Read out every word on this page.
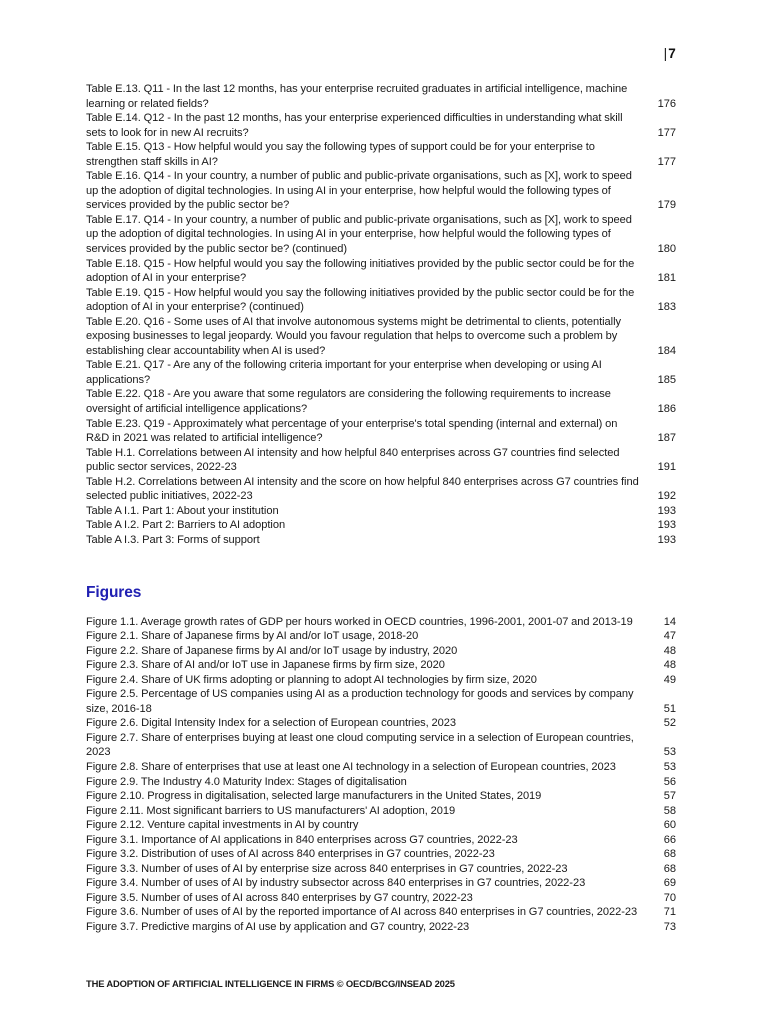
|7
Table E.13. Q11 - In the last 12 months, has your enterprise recruited graduates in artificial intelligence, machine learning or related fields?	176
Table E.14. Q12 - In the past 12 months, has your enterprise experienced difficulties in understanding what skill sets to look for in new AI recruits?	177
Table E.15. Q13 - How helpful would you say the following types of support could be for your enterprise to strengthen staff skills in AI?	177
Table E.16. Q14 - In your country, a number of public and public-private organisations, such as [X], work to speed up the adoption of digital technologies. In using AI in your enterprise, how helpful would the following types of services provided by the public sector be?	179
Table E.17. Q14 - In your country, a number of public and public-private organisations, such as [X], work to speed up the adoption of digital technologies. In using AI in your enterprise, how helpful would the following types of services provided by the public sector be? (continued)	180
Table E.18. Q15 - How helpful would you say the following initiatives provided by the public sector could be for the adoption of AI in your enterprise?	181
Table E.19. Q15 - How helpful would you say the following initiatives provided by the public sector could be for the adoption of AI in your enterprise? (continued)	183
Table E.20. Q16 - Some uses of AI that involve autonomous systems might be detrimental to clients, potentially exposing businesses to legal jeopardy. Would you favour regulation that helps to overcome such a problem by establishing clear accountability when AI is used?	184
Table E.21. Q17 - Are any of the following criteria important for your enterprise when developing or using AI applications?	185
Table E.22. Q18 - Are you aware that some regulators are considering the following requirements to increase oversight of artificial intelligence applications?	186
Table E.23. Q19 - Approximately what percentage of your enterprise's total spending (internal and external) on R&D in 2021 was related to artificial intelligence?	187
Table H.1. Correlations between AI intensity and how helpful 840 enterprises across G7 countries find selected public sector services, 2022-23	191
Table H.2. Correlations between AI intensity and the score on how helpful 840 enterprises across G7 countries find selected public initiatives, 2022-23	192
Table A I.1. Part 1: About your institution	193
Table A I.2. Part 2: Barriers to AI adoption	193
Table A I.3. Part 3: Forms of support	193
Figures
Figure 1.1. Average growth rates of GDP per hours worked in OECD countries, 1996-2001, 2001-07 and 2013-19	14
Figure 2.1. Share of Japanese firms by AI and/or IoT usage, 2018-20	47
Figure 2.2. Share of Japanese firms by AI and/or IoT usage by industry, 2020	48
Figure 2.3. Share of AI and/or IoT use in Japanese firms by firm size, 2020	48
Figure 2.4. Share of UK firms adopting or planning to adopt AI technologies by firm size, 2020	49
Figure 2.5. Percentage of US companies using AI as a production technology for goods and services by company size, 2016-18	51
Figure 2.6. Digital Intensity Index for a selection of European countries, 2023	52
Figure 2.7. Share of enterprises buying at least one cloud computing service in a selection of European countries, 2023	53
Figure 2.8. Share of enterprises that use at least one AI technology in a selection of European countries, 2023	53
Figure 2.9. The Industry 4.0 Maturity Index: Stages of digitalisation	56
Figure 2.10. Progress in digitalisation, selected large manufacturers in the United States, 2019	57
Figure 2.11. Most significant barriers to US manufacturers' AI adoption, 2019	58
Figure 2.12. Venture capital investments in AI by country	60
Figure 3.1. Importance of AI applications in 840 enterprises across G7 countries, 2022-23	66
Figure 3.2. Distribution of uses of AI across 840 enterprises in G7 countries, 2022-23	68
Figure 3.3. Number of uses of AI by enterprise size across 840 enterprises in G7 countries, 2022-23	68
Figure 3.4. Number of uses of AI by industry subsector across 840 enterprises in G7 countries, 2022-23	69
Figure 3.5. Number of uses of AI across 840 enterprises by G7 country, 2022-23	70
Figure 3.6. Number of uses of AI by the reported importance of AI across 840 enterprises in G7 countries, 2022-23	71
Figure 3.7. Predictive margins of AI use by application and G7 country, 2022-23	73
THE ADOPTION OF ARTIFICIAL INTELLIGENCE IN FIRMS © OECD/BCG/INSEAD 2025
